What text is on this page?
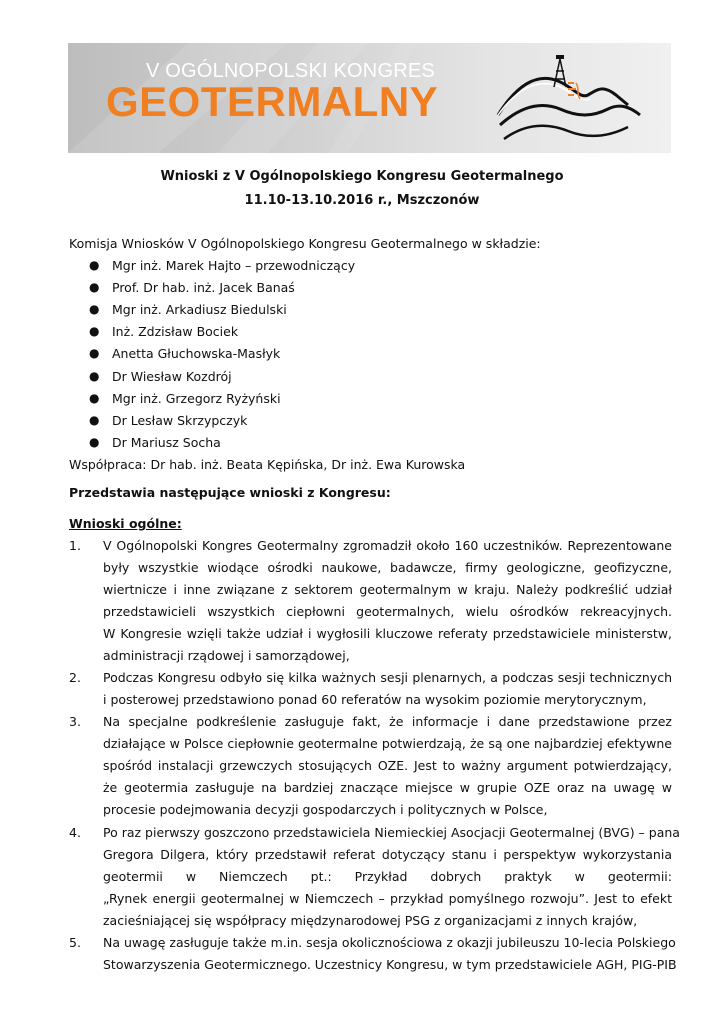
V OGÓLNOPOLSKI KONGRES
GEOTERMALNY
Wnioski z V Ogólnopolskiego Kongresu Geotermalnego
11.10-13.10.2016 r., Mszczonów
Komisja Wniosków V Ogólnopolskiego Kongresu Geotermalnego w składzie:
● Mgr inż. Marek Hajto – przewodniczący
● Prof. Dr hab. inż. Jacek Banaś
● Mgr inż. Arkadiusz Biedulski
● Inż. Zdzisław Bociek
● Anetta Głuchowska-Masłyk
● Dr Wiesław Kozdrój
● Mgr inż. Grzegorz Ryżyński
● Dr Lesław Skrzypczyk
● Dr Mariusz Socha
Współpraca: Dr hab. inż. Beata Kępińska, Dr inż. Ewa Kurowska
Przedstawia następujące wnioski z Kongresu:
Wnioski ogólne:
1. V Ogólnopolski Kongres Geotermalny zgromadził około 160 uczestników. Reprezentowane
były wszystkie wiodące ośrodki naukowe, badawcze, firmy geologiczne, geofizyczne,
wiertnicze i inne związane z sektorem geotermalnym w kraju. Należy podkreślić udział
przedstawicieli wszystkich ciepłowni geotermalnych, wielu ośrodków rekreacyjnych.
W Kongresie wzięli także udział i wygłosili kluczowe referaty przedstawiciele ministerstw,
administracji rządowej i samorządowej,
2. Podczas Kongresu odbyło się kilka ważnych sesji plenarnych, a podczas sesji technicznych
i posterowej przedstawiono ponad 60 referatów na wysokim poziomie merytorycznym,
3. Na specjalne podkreślenie zasługuje fakt, że informacje i dane przedstawione przez
działające w Polsce ciepłownie geotermalne potwierdzają, że są one najbardziej efektywne
spośród instalacji grzewczych stosujących OZE. Jest to ważny argument potwierdzający,
że geotermia zasługuje na bardziej znaczące miejsce w grupie OZE oraz na uwagę w
procesie podejmowania decyzji gospodarczych i politycznych w Polsce,
4. Po raz pierwszy goszczono przedstawiciela Niemieckiej Asocjacji Geotermalnej (BVG) – pana
Gregora Dilgera, który przedstawił referat dotyczący stanu i perspektyw wykorzystania
geotermii w Niemczech pt.: Przykład dobrych praktyk w geotermii:
„Rynek energii geotermalnej w Niemczech – przykład pomyślnego rozwoju”. Jest to efekt
zacieśniającej się współpracy międzynarodowej PSG z organizacjami z innych krajów,
5. Na uwagę zasługuje także m.in. sesja okolicznościowa z okazji jubileuszu 10-lecia Polskiego
Stowarzyszenia Geotermicznego. Uczestnicy Kongresu, w tym przedstawiciele AGH, PIG-PIB
